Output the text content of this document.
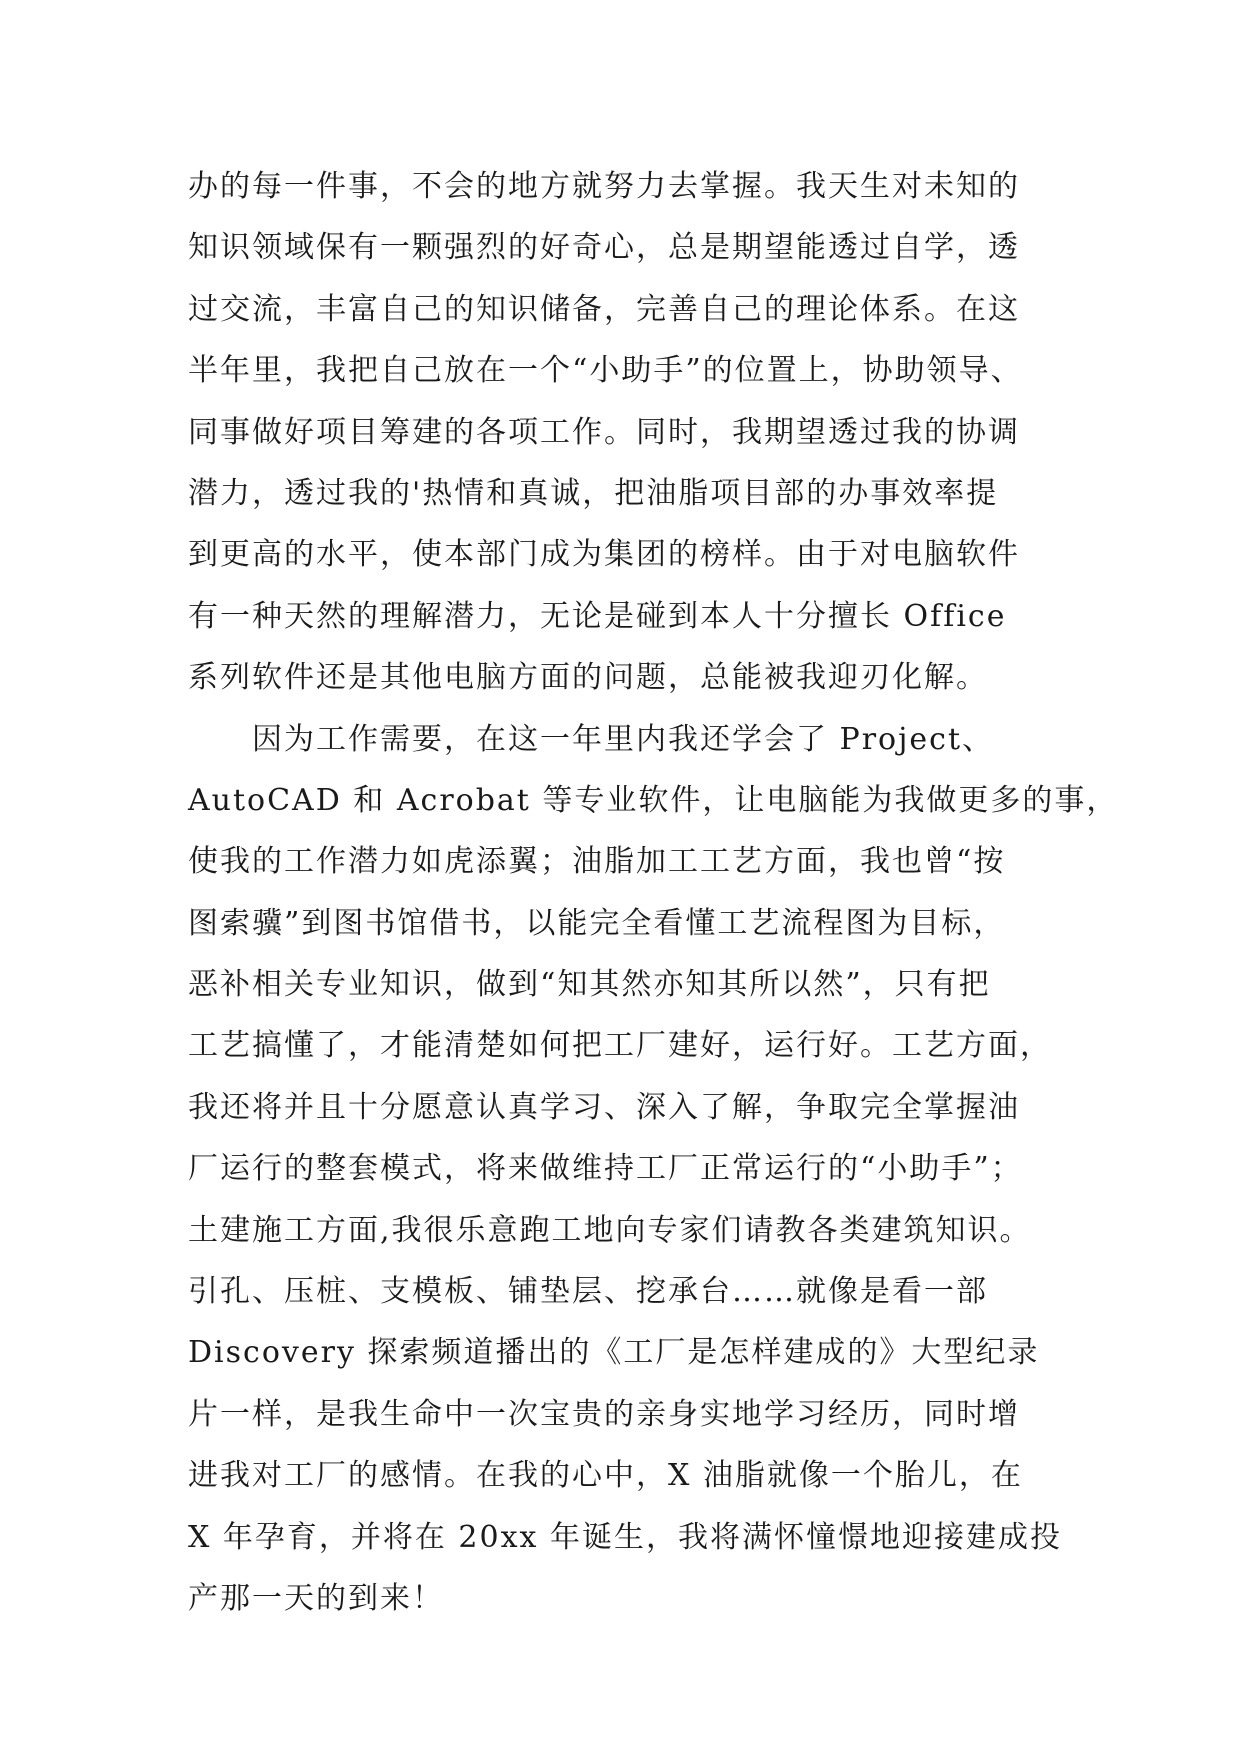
办的每一件事，不会的地方就努力去掌握。我天生对未知的
知识领域保有一颗强烈的好奇心，总是期望能透过自学，透
过交流，丰富自己的知识储备，完善自己的理论体系。在这
半年里，我把自己放在一个“小助手”的位置上，协助领导、
同事做好项目筹建的各项工作。同时，我期望透过我的协调
潜力，透过我的'热情和真诚，把油脂项目部的办事效率提
到更高的水平，使本部门成为集团的榜样。由于对电脑软件
有一种天然的理解潜力，无论是碰到本人十分擅长 Office
系列软件还是其他电脑方面的问题，总能被我迎刃化解。
　　因为工作需要，在这一年里内我还学会了 Project、
AutoCAD 和 Acrobat 等专业软件，让电脑能为我做更多的事，
使我的工作潜力如虎添翼；油脂加工工艺方面，我也曾“按
图索骥”到图书馆借书，以能完全看懂工艺流程图为目标，
恶补相关专业知识，做到“知其然亦知其所以然”，只有把
工艺搞懂了，才能清楚如何把工厂建好，运行好。工艺方面，
我还将并且十分愿意认真学习、深入了解，争取完全掌握油
厂运行的整套模式，将来做维持工厂正常运行的“小助手”；
土建施工方面,我很乐意跑工地向专家们请教各类建筑知识。
引孔、压桩、支模板、铺垫层、挖承台……就像是看一部
Discovery 探索频道播出的《工厂是怎样建成的》大型纪录
片一样，是我生命中一次宝贵的亲身实地学习经历，同时增
进我对工厂的感情。在我的心中，X 油脂就像一个胎儿，在
X 年孕育，并将在 20xx 年诞生，我将满怀憧憬地迎接建成投
产那一天的到来！
